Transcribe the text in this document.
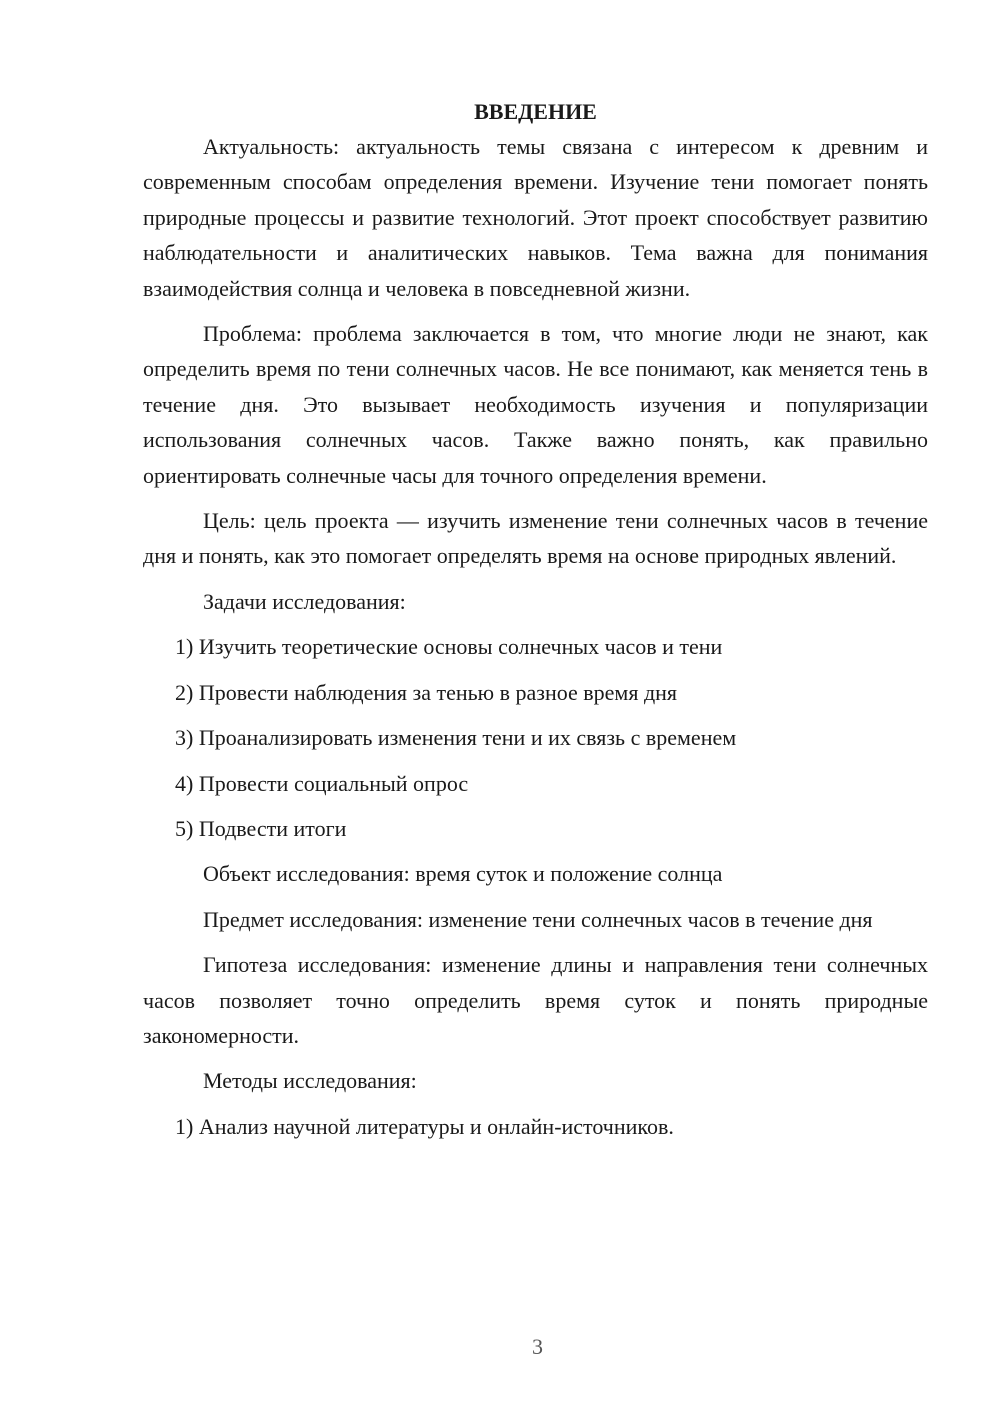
ВВЕДЕНИЕ

Актуальность: актуальность темы связана с интересом к древним и современным способам определения времени. Изучение тени помогает понять природные процессы и развитие технологий. Этот проект способствует развитию наблюдательности и аналитических навыков. Тема важна для понимания взаимодействия солнца и человека в повседневной жизни.

Проблема: проблема заключается в том, что многие люди не знают, как определить время по тени солнечных часов. Не все понимают, как меняется тень в течение дня. Это вызывает необходимость изучения и популяризации использования солнечных часов. Также важно понять, как правильно ориентировать солнечные часы для точного определения времени.

Цель: цель проекта — изучить изменение тени солнечных часов в течение дня и понять, как это помогает определять время на основе природных явлений.

Задачи исследования:

1) Изучить теоретические основы солнечных часов и тени
2) Провести наблюдения за тенью в разное время дня
3) Проанализировать изменения тени и их связь с временем
4) Провести социальный опрос
5) Подвести итоги

Объект исследования: время суток и положение солнца

Предмет исследования: изменение тени солнечных часов в течение дня

Гипотеза исследования: изменение длины и направления тени солнечных часов позволяет точно определить время суток и понять природные закономерности.

Методы исследования:

1) Анализ научной литературы и онлайн-источников.
3
